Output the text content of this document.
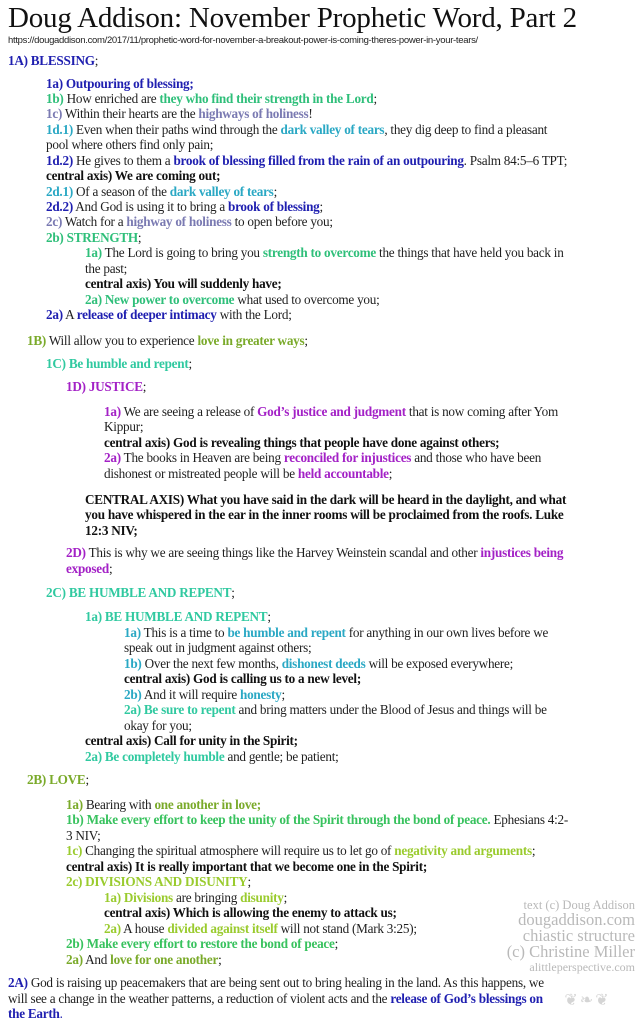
Doug Addison: November Prophetic Word, Part 2
https://dougaddison.com/2017/11/prophetic-word-for-november-a-breakout-power-is-coming-theres-power-in-your-tears/
1A) BLESSING;
1a) Outpouring of blessing;
1b) How enriched are they who find their strength in the Lord;
1c) Within their hearts are the highways of holiness!
1d.1) Even when their paths wind through the dark valley of tears, they dig deep to find a pleasant
pool where others find only pain;
1d.2) He gives to them a brook of blessing filled from the rain of an outpouring. Psalm 84:5–6 TPT;
central axis) We are coming out;
2d.1) Of a season of the dark valley of tears;
2d.2) And God is using it to bring a brook of blessing;
2c) Watch for a highway of holiness to open before you;
2b) STRENGTH;
1a) The Lord is going to bring you strength to overcome the things that have held you back in
the past;
central axis) You will suddenly have;
2a) New power to overcome what used to overcome you;
2a) A release of deeper intimacy with the Lord;
1B) Will allow you to experience love in greater ways;
1C) Be humble and repent;
1D) JUSTICE;
1a) We are seeing a release of God’s justice and judgment that is now coming after Yom
Kippur;
central axis) God is revealing things that people have done against others;
2a) The books in Heaven are being reconciled for injustices and those who have been
dishonest or mistreated people will be held accountable;
CENTRAL AXIS) What you have said in the dark will be heard in the daylight, and what
you have whispered in the ear in the inner rooms will be proclaimed from the roofs. Luke
12:3 NIV;
2D) This is why we are seeing things like the Harvey Weinstein scandal and other injustices being
exposed;
2C) BE HUMBLE AND REPENT;
1a) BE HUMBLE AND REPENT;
1a) This is a time to be humble and repent for anything in our own lives before we
speak out in judgment against others;
1b) Over the next few months, dishonest deeds will be exposed everywhere;
central axis) God is calling us to a new level;
2b) And it will require honesty;
2a) Be sure to repent and bring matters under the Blood of Jesus and things will be
okay for you;
central axis) Call for unity in the Spirit;
2a) Be completely humble and gentle; be patient;
2B) LOVE;
1a) Bearing with one another in love;
1b) Make every effort to keep the unity of the Spirit through the bond of peace. Ephesians 4:2-
3 NIV;
1c) Changing the spiritual atmosphere will require us to let go of negativity and arguments;
central axis) It is really important that we become one in the Spirit;
2c) DIVISIONS AND DISUNITY;
1a) Divisions are bringing disunity;
central axis) Which is allowing the enemy to attack us;
2a) A house divided against itself will not stand (Mark 3:25);
2b) Make every effort to restore the bond of peace;
2a) And love for one another;
text (c) Doug Addison
dougaddison.com
chiastic structure
(c) Christine Miller
alittleperspective.com
❦❧❦
2A) God is raising up peacemakers that are being sent out to bring healing in the land. As this happens, we
will see a change in the weather patterns, a reduction of violent acts and the release of God’s blessings on
the Earth.
